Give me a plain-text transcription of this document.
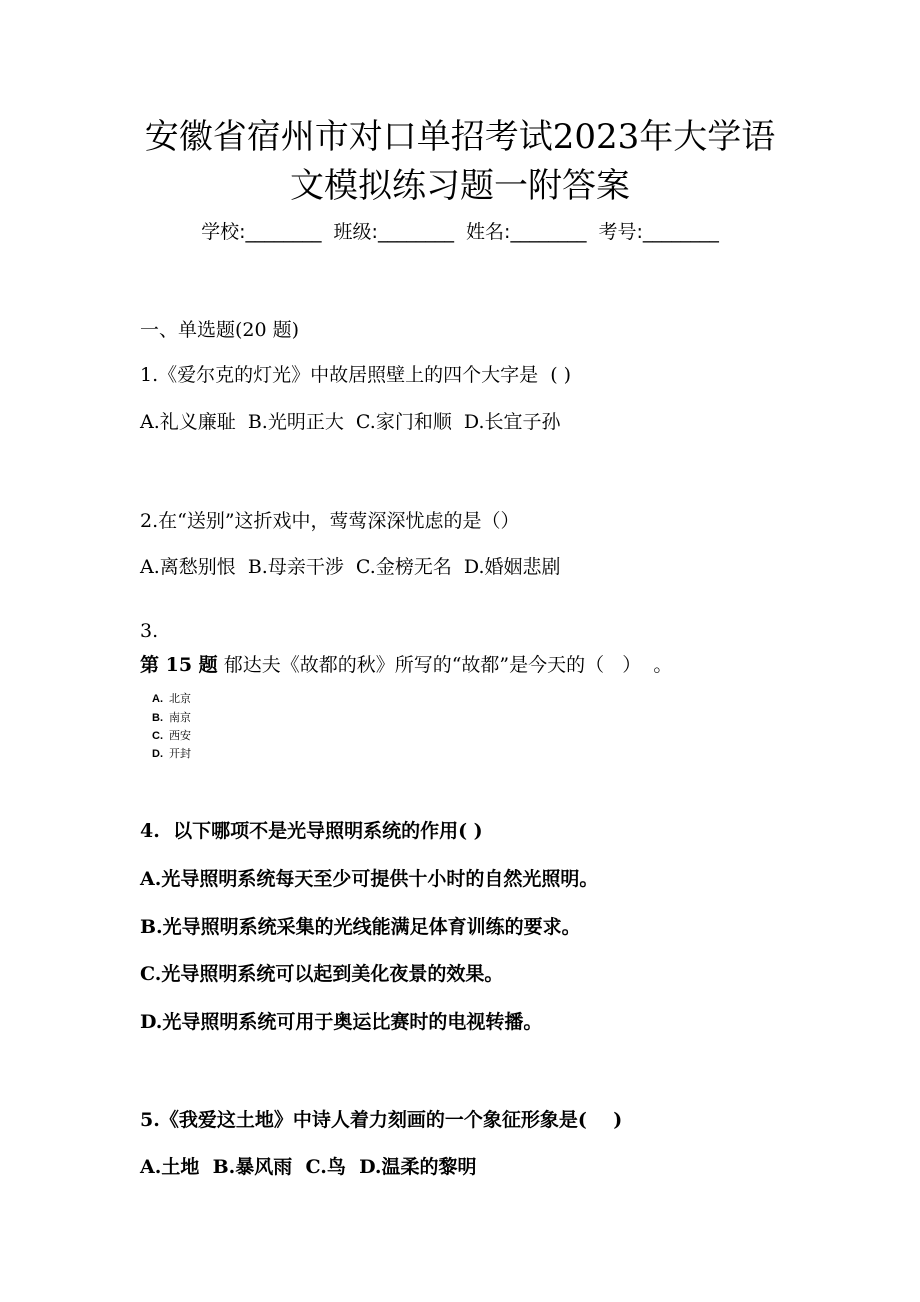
安徽省宿州市对口单招考试2023年大学语
文模拟练习题一附答案
学校:________  班级:________  姓名:________  考号:________
一、单选题(20 题)
1.《爱尔克的灯光》中故居照壁上的四个大字是  ( )
A.礼义廉耻  B.光明正大  C.家门和顺  D.长宜子孙
2.在“送别”这折戏中，莺莺深深忧虑的是（）
A.离愁别恨  B.母亲干涉  C.金榜无名  D.婚姻悲剧
3.
第 15 题 郁达夫《故都的秋》所写的“故都”是今天的（   ）  。
A. 北京
B. 南京
C. 西安
D. 开封
4.  以下哪项不是光导照明系统的作用( )
A.光导照明系统每天至少可提供十小时的自然光照明。
B.光导照明系统采集的光线能满足体育训练的要求。
C.光导照明系统可以起到美化夜景的效果。
D.光导照明系统可用于奥运比赛时的电视转播。
5.《我爱这土地》中诗人着力刻画的一个象征形象是(    )
A.土地  B.暴风雨  C.鸟  D.温柔的黎明
